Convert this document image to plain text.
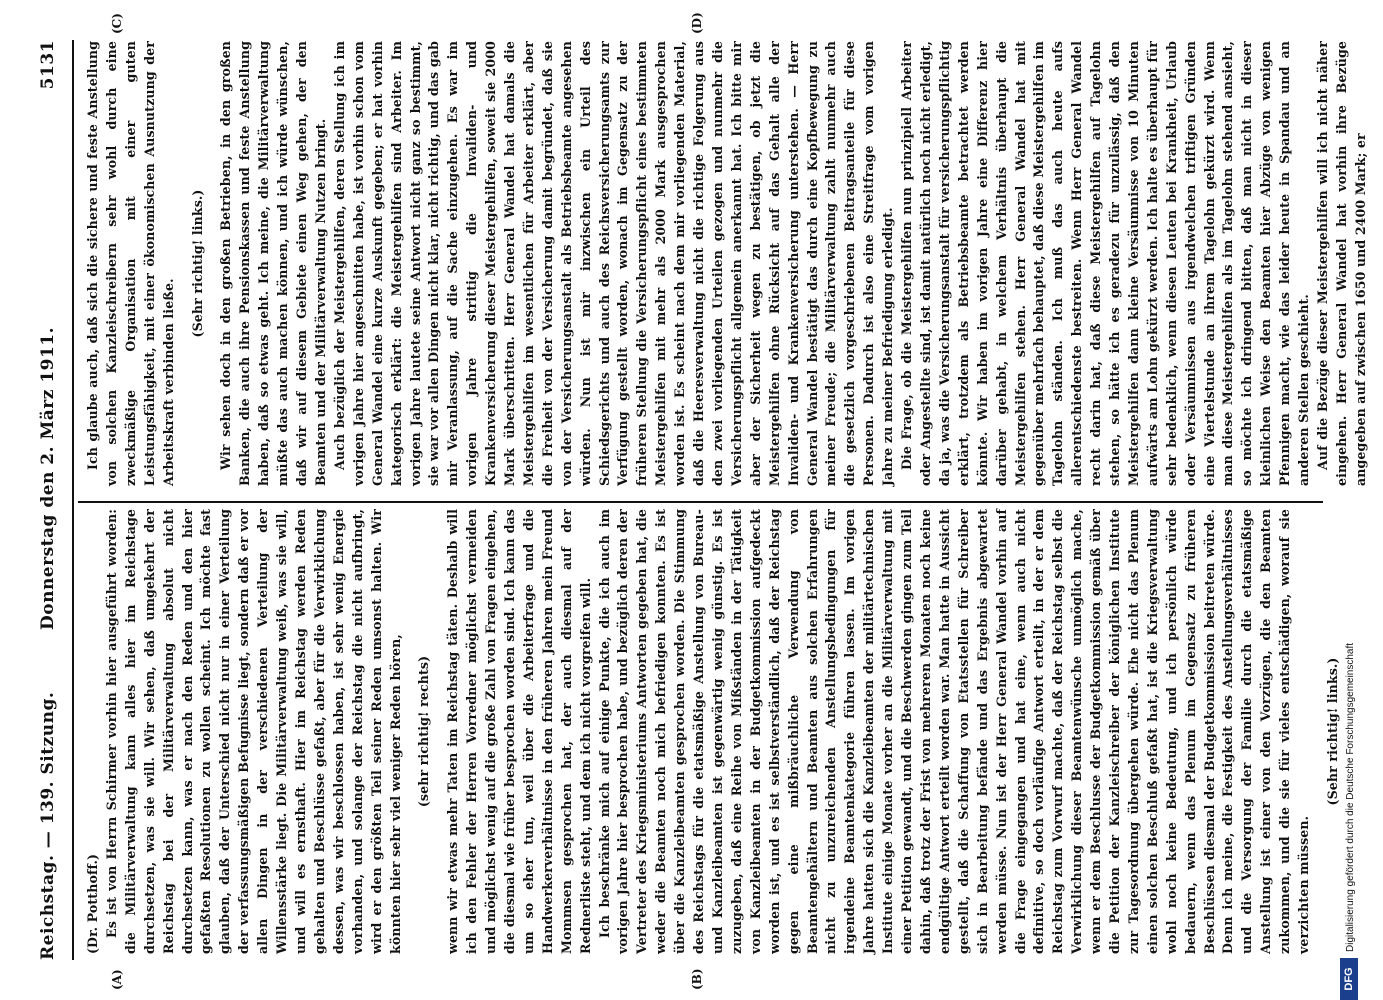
Reichstag. — 139. Sitzung.
Donnerstag den 2. März 1911.
5131
(A)	(B)
(C)	(D)

(Dr. Potthoff.) Es ist von Herrn Schirmer vorhin hier ausgeführt worden: die Militärverwaltung kann alles hier im Reichstage durchsetzen, was sie will. Wir sehen, daß umgekehrt der Reichstag bei der Militärverwaltung absolut nicht durchsetzen kann, was er nach den Reden und den hier gefaßten Resolutionen zu wollen scheint. Ich möchte fast glauben, daß der Unterschied nicht nur in einer Verteilung der verfassungsmäßigen Befugnisse liegt, sondern daß er vor allen Dingen in der verschiedenen Verteilung der Willensstärke liegt. Die Militärverwaltung weiß, was sie will, und will es ernsthaft. Hier im Reichstag werden Reden gehalten und Beschlüsse gefaßt, aber für die Verwirklichung dessen, was wir beschlossen haben, ist sehr wenig Energie vorhanden, und solange der Reichstag die nicht aufbringt, wird er den größten Teil seiner Reden umsonst halten. Wir könnten hier sehr viel weniger Reden hören, (sehr richtig! rechts) wenn wir etwas mehr Taten im Reichstag täten. Deshalb will ich den Fehler der Herren Vorredner möglichst vermeiden und möglichst wenig auf die große Zahl von Fragen eingehen, die diesmal wie früher besprochen worden sind. Ich kann das um so eher tun, weil über die Arbeiterfrage und die Handwerkerverhältnisse in den früheren Jahren mein Freund Mommsen gesprochen hat, der auch diesmal auf der Rednerliste steht, und dem ich nicht vorgreifen will. Ich beschränke mich auf einige Punkte, die ich auch im vorigen Jahre hier besprochen habe, und bezüglich deren der Vertreter des Kriegsministeriums Antworten gegeben hat, die weder die Beamten noch mich befriedigen konnten. Es ist über die Kanzleibeamten gesprochen worden. Die Stimmung des Reichstags für die etatsmäßige Anstellung von Bureau- und Kanzleibeamten ist gegenwärtig wenig günstig. Es ist zuzugeben, daß eine Reihe von Mißständen in der Tätigkeit von Kanzleibeamten in der Budgetkommission aufgedeckt worden ist, und es ist selbstverständlich, daß der Reichstag gegen eine mißbräuchliche Verwendung von Beamtengehältern und Beamten aus solchen Erfahrungen nicht zu unzureichenden Anstellungsbedingungen für irgendeine Beamtenkategorie führen lassen. Im vorigen Jahre hatten sich die Kanzleibeamten der militärtechnischen Institute einige Monate vorher an die Militärverwaltung mit einer Petition gewandt, und die Beschwerden gingen zum Teil dahin, daß trotz der Frist von mehreren Monaten noch keine endgültige Antwort erteilt worden war. Man hatte in Aussicht gestellt, daß die Schaffung von Etatsstellen für Schreiber sich in Bearbeitung befände und das Ergebnis abgewartet werden müsse. Nun ist der Herr General Wandel vorhin auf die Frage eingegangen und hat eine, wenn auch nicht definitive, so doch vorläufige Antwort erteilt, in der er dem Reichstag zum Vorwurf machte, daß der Reichstag selbst die Verwirklichung dieser Beamtenwünsche unmöglich mache, wenn er dem Beschlusse der Budgetkommission gemäß über die Petition der Kanzleischreiber der königlichen Institute zur Tagesordnung übergehen würde. Ehe nicht das Plenum einen solchen Beschluß gefaßt hat, ist die Kriegsverwaltung wohl noch keine Bedeutung, und ich persönlich würde bedauern, wenn das Plenum im Gegensatz zu früheren Beschlüssen diesmal der Budgetkommission beitreten würde. Denn ich meine, die Festigkeit des Anstellungsverhältnisses und die Versorgung der Familie durch die etatsmäßige Anstellung ist einer von den Vorzügen, die den Beamten zukommen, und die sie für vieles entschädigen, worauf sie verzichten müssen.

(Sehr richtig! links.)

Ich glaube auch, daß sich die sichere und feste Anstellung von solchen Kanzleischreibern sehr wohl durch eine zweckmäßige Organisation mit einer guten Leistungsfähigkeit, mit einer ökonomischen Ausnutzung der Arbeitskraft verbinden ließe.

(Sehr richtig! links.) Wir sehen doch in den großen Betrieben, in den großen Banken, die auch ihre Pensionskassen und feste Anstellung haben, daß so etwas geht. Ich meine, die Militärverwaltung müßte das auch machen können, und ich würde wünschen, daß wir auf diesem Gebiete einen Weg gehen, der den Beamten und der Militärverwaltung Nutzen bringt. Auch bezüglich der Meistergehilfen, deren Stellung ich im vorigen Jahre hier angeschnitten habe, ist vorhin schon vom General Wandel eine kurze Auskunft gegeben; er hat vorhin kategorisch erklärt: die Meistergehilfen sind Arbeiter. Im vorigen Jahre lautete seine Antwort nicht ganz so bestimmt, sie war vor allen Dingen nicht klar, nicht richtig, und das gab mir Veranlassung, auf die Sache einzugehen. Es war im vorigen Jahre strittig die Invaliden- und Krankenversicherung dieser Meistergehilfen, soweit sie 2000 Mark überschritten. Herr General Wandel hat damals die Meistergehilfen im wesentlichen für Arbeiter erklärt, aber die Freiheit von der Versicherung damit begründet, daß sie von der Versicherungsanstalt als Betriebsbeamte angesehen würden. Nun ist mir inzwischen ein Urteil des Schiedsgerichts und auch des Reichsversicherungsamts zur Verfügung gestellt worden, wonach im Gegensatz zu der früheren Stellung die Versicherungspflicht eines bestimmten Meistergehilfen mit mehr als 2000 Mark ausgesprochen worden ist. Es scheint nach dem mir vorliegenden Material, daß die Heeresverwaltung nicht die richtige Folgerung aus den zwei vorliegenden Urteilen gezogen und nunmehr die Versicherungspflicht allgemein anerkannt hat. Ich bitte mir aber der Sicherheit wegen zu bestätigen, ob jetzt die Meistergehilfen ohne Rücksicht auf das Gehalt alle der Invaliden- und Krankenversicherung unterstehen. — Herr General Wandel bestätigt das durch eine Kopfbewegung zu meiner Freude; die Militärverwaltung zahlt nunmehr auch die gesetzlich vorgeschriebenen Beitragsanteile für diese Personen. Dadurch ist also eine Streitfrage vom vorigen Jahre zu meiner Befriedigung erledigt. Die Frage, ob die Meistergehilfen nun prinzipiell Arbeiter oder Angestellte sind, ist damit natürlich noch nicht erledigt, da ja, was die Versicherungsanstalt für versicherungspflichtig erklärt, trotzdem als Betriebsbeamte betrachtet werden könnte. Wir haben im vorigen Jahre eine Differenz hier darüber gehabt, in welchem Verhältnis überhaupt die Meistergehilfen stehen. Herr General Wandel hat mit gegenüber mehrfach behauptet, daß diese Meistergehilfen im Tagelohn ständen. Ich muß das auch heute aufs allerentschiedenste bestreiten. Wenn Herr General Wandel recht darin hat, daß diese Meistergehilfen auf Tagelohn stehen, so hätte ich es geradezu für unzulässig, daß den Meistergehilfen dann kleine Versäumnisse von 10 Minuten aufwärts am Lohn gekürzt werden. Ich halte es überhaupt für sehr bedenklich, wenn diesen Leuten bei Krankheit, Urlaub oder Versäumnissen aus irgendwelchen triftigen Gründen eine Viertelstunde an ihrem Tagelohn gekürzt wird. Wenn man diese Meistergehilfen als im Tagelohn stehend ansieht, so möchte ich dringend bitten, daß man nicht in dieser kleinlichen Weise den Beamten hier Abzüge von wenigen Pfennigen macht, wie das leider heute in Spandau und an anderen Stellen geschieht. Auf die Bezüge dieser Meistergehilfen will ich nicht näher eingehen. Herr General Wandel hat vorhin ihre Bezüge angegeben auf zwischen 1650 und 2400 Mark; er

DFG
Digitalisierung gefördert durch die Deutsche Forschungsgemeinschaft
